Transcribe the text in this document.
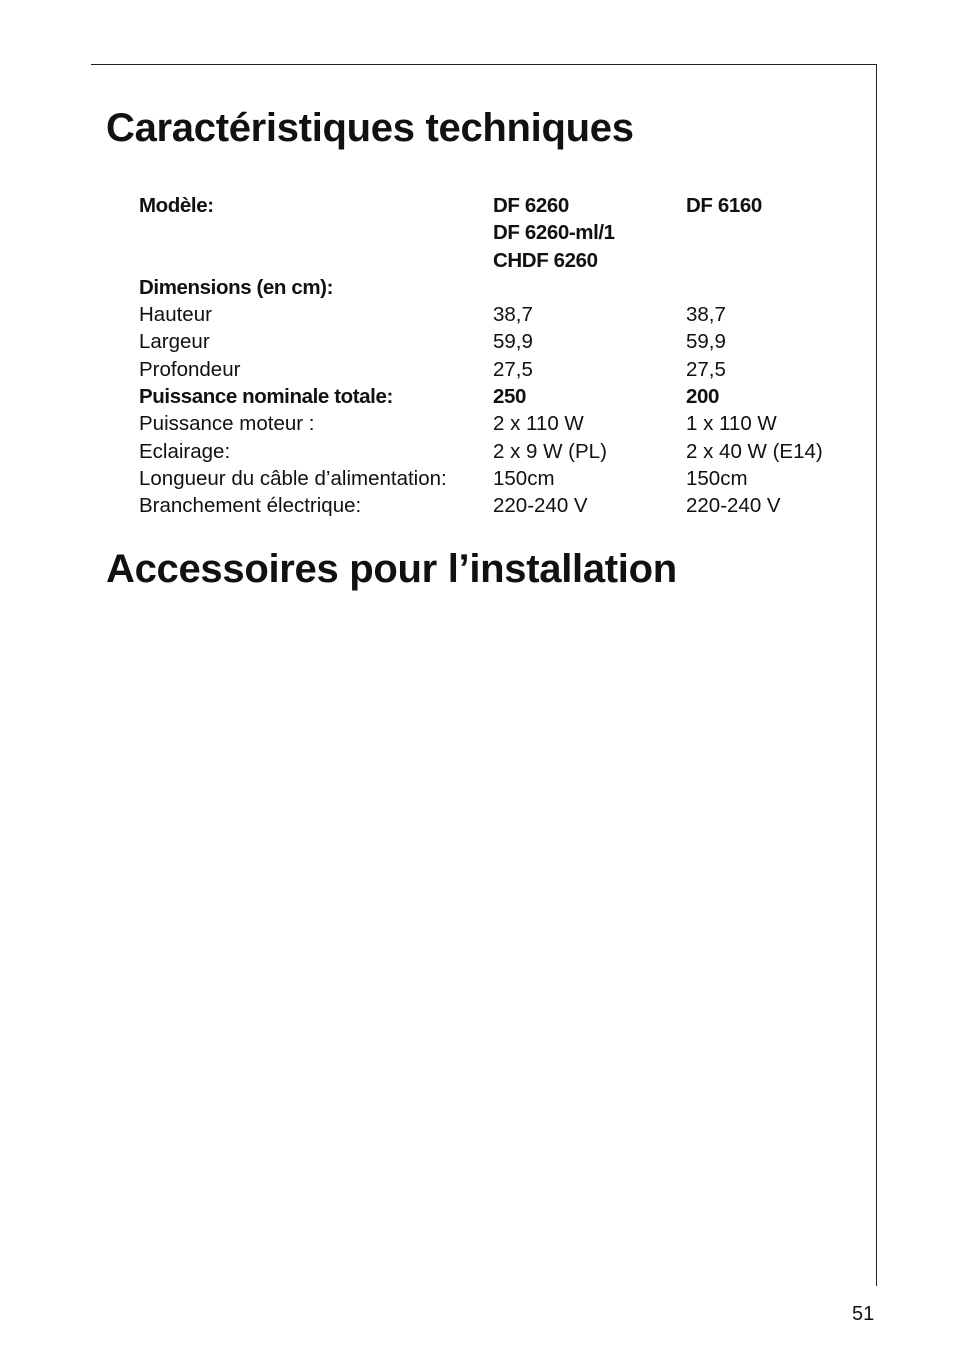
Caractéristiques techniques
Modèle:	DF 6260	DF 6160
DF 6260-ml/1
CHDF 6260
Dimensions (en cm):
Hauteur	38,7	38,7
Largeur	59,9	59,9
Profondeur	27,5	27,5
Puissance nominale totale:	250	200
Puissance moteur :	2 x 110 W	1 x 110 W
Eclairage:	2 x 9 W (PL)	2 x 40 W (E14)
Longueur du câble d’alimentation:	150cm	150cm
Branchement électrique:	220-240 V	220-240 V
Accessoires pour l’installation
51
